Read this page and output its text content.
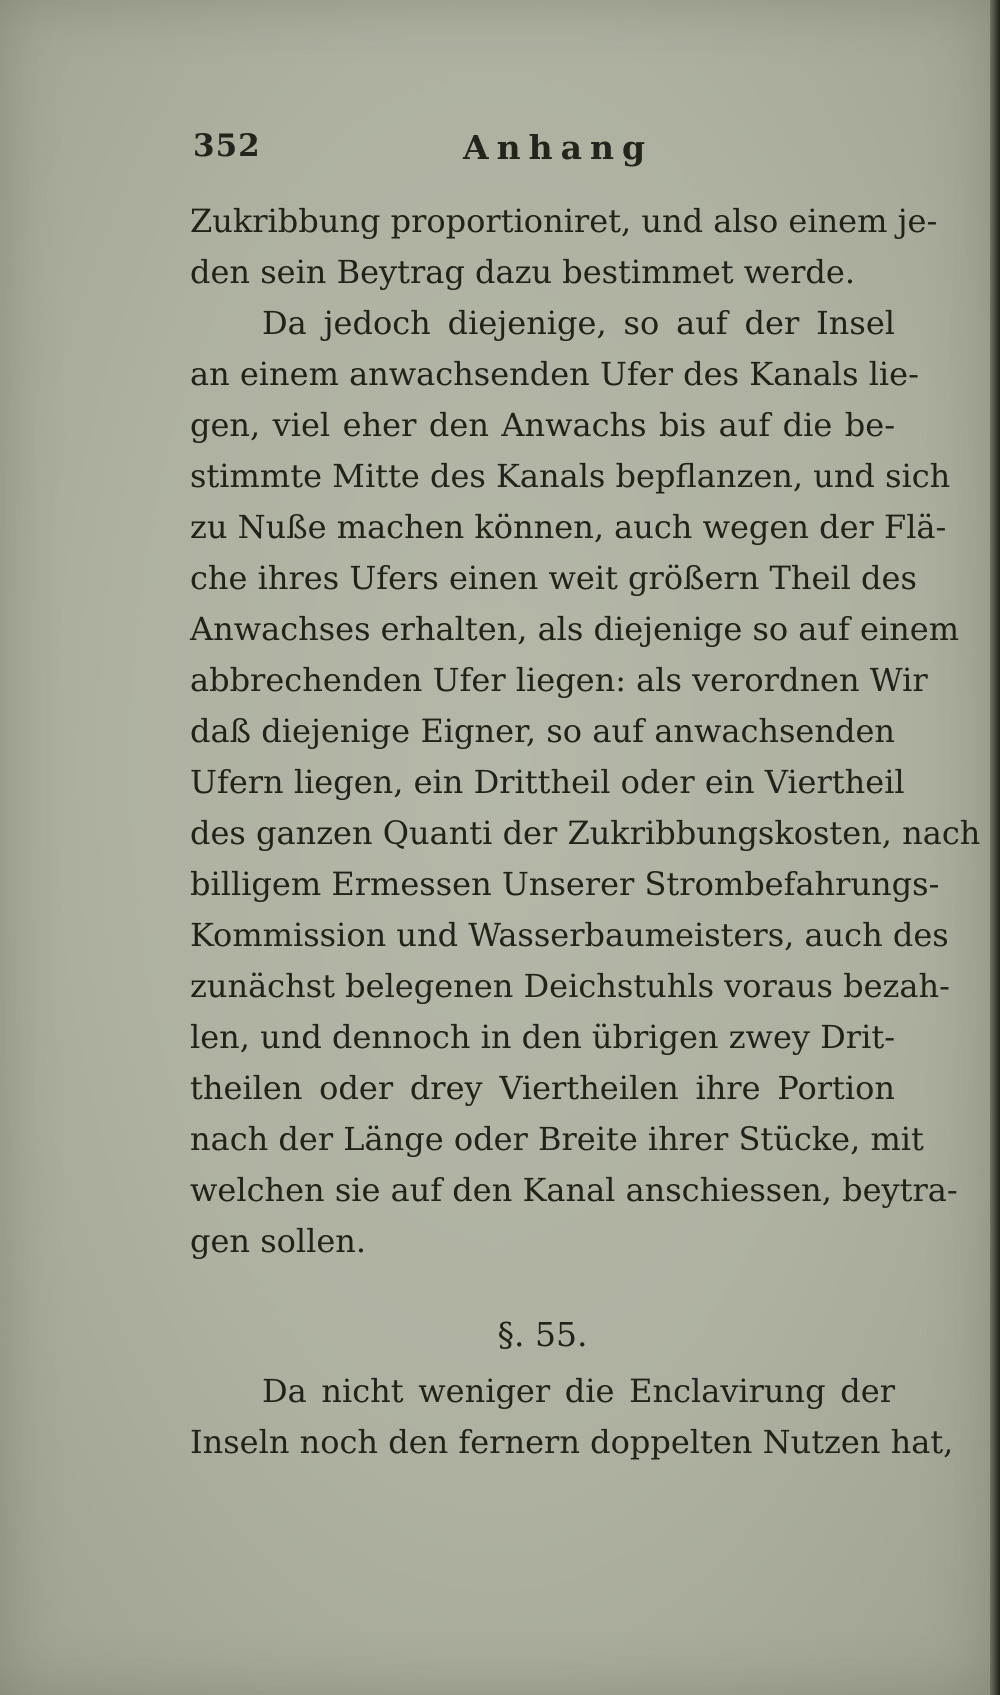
352	Anhang
Zukribbung proportioniret, und also einem je-
den sein Beytrag dazu bestimmet werde.
Da jedoch diejenige, so auf der Insel
an einem anwachsenden Ufer des Kanals lie-
gen, viel eher den Anwachs bis auf die be-
stimmte Mitte des Kanals bepflanzen, und sich
zu Nuße machen können, auch wegen der Flä-
che ihres Ufers einen weit größern Theil des
Anwachses erhalten, als diejenige so auf einem
abbrechenden Ufer liegen: als verordnen Wir
daß diejenige Eigner, so auf anwachsenden
Ufern liegen, ein Drittheil oder ein Viertheil
des ganzen Quanti der Zukribbungskosten, nach
billigem Ermessen Unserer Strombefahrungs-
Kommission und Wasserbaumeisters, auch des
zunächst belegenen Deichstuhls voraus bezah-
len, und dennoch in den übrigen zwey Drit-
theilen oder drey Viertheilen ihre Portion
nach der Länge oder Breite ihrer Stücke, mit
welchen sie auf den Kanal anschiessen, beytra-
gen sollen.
§. 55.
Da nicht weniger die Enclavirung der
Inseln noch den fernern doppelten Nutzen hat,
